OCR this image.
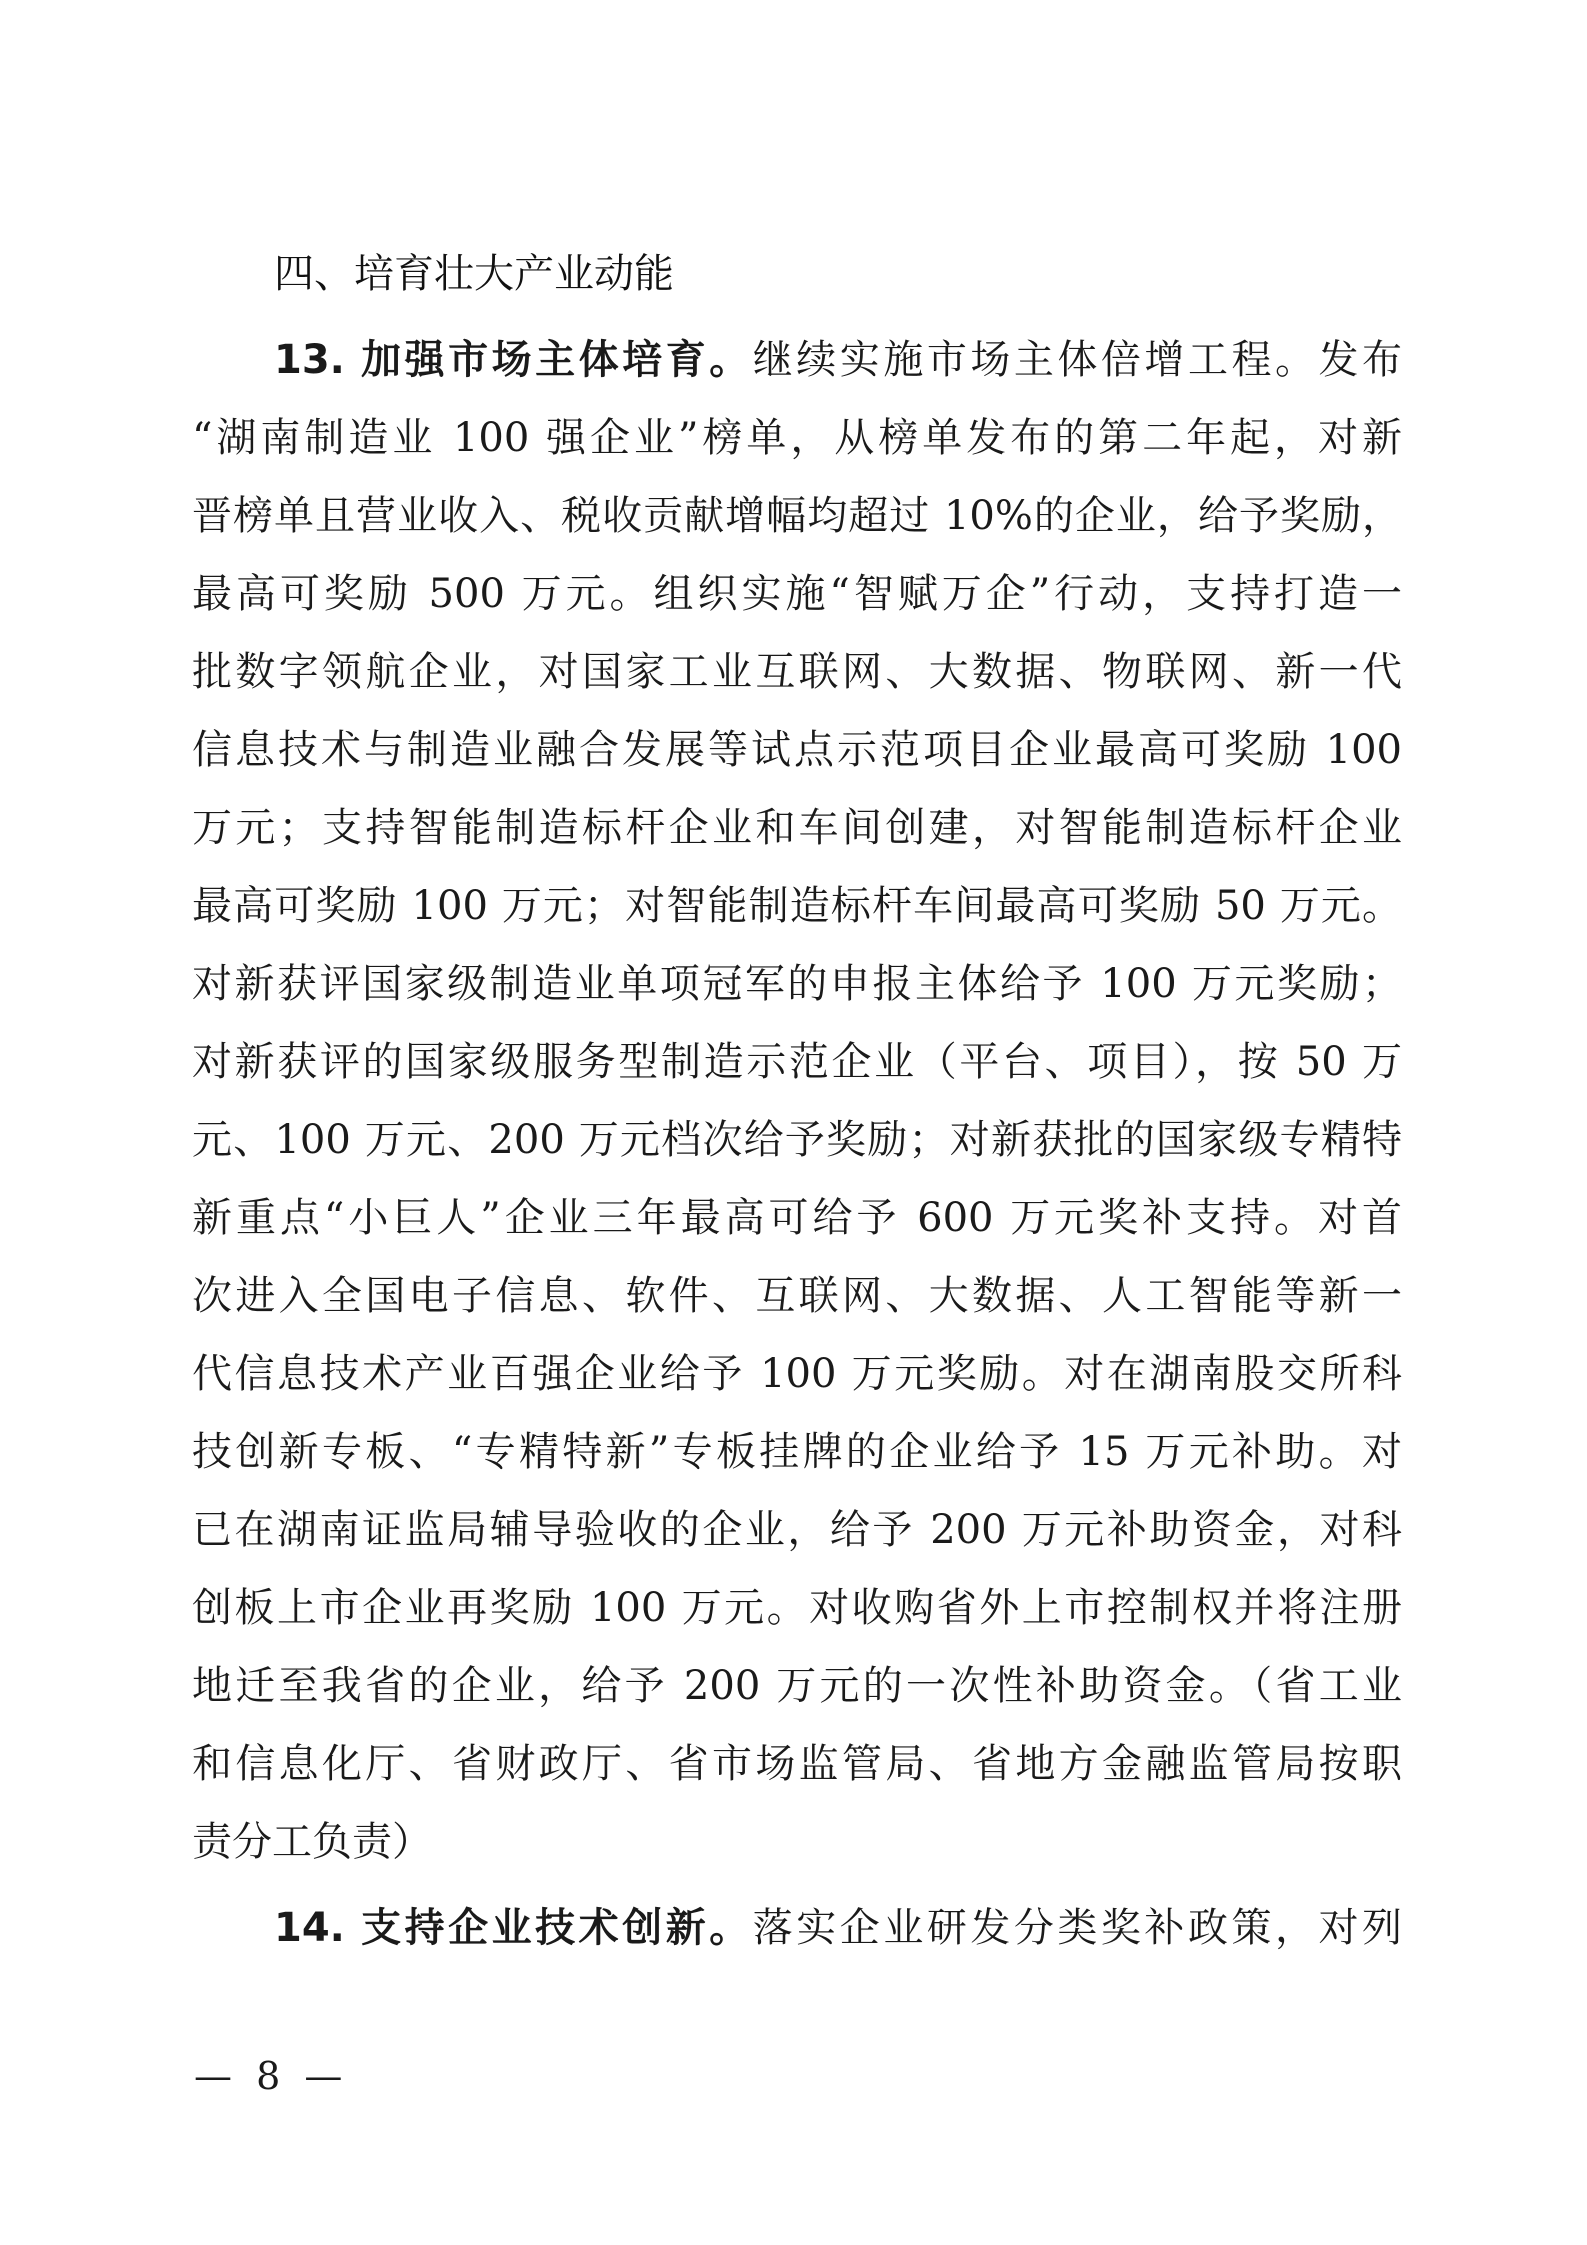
四、培育壮大产业动能
13. 加强市场主体培育。继续实施市场主体倍增工程。发布
“湖南制造业 100 强企业”榜单，从榜单发布的第二年起，对新
晋榜单且营业收入、税收贡献增幅均超过 10%的企业，给予奖励，
最高可奖励 500 万元。组织实施“智赋万企”行动，支持打造一
批数字领航企业，对国家工业互联网、大数据、物联网、新一代
信息技术与制造业融合发展等试点示范项目企业最高可奖励 100
万元；支持智能制造标杆企业和车间创建，对智能制造标杆企业
最高可奖励 100 万元；对智能制造标杆车间最高可奖励 50 万元。
对新获评国家级制造业单项冠军的申报主体给予 100 万元奖励；
对新获评的国家级服务型制造示范企业（平台、项目），按 50 万
元、100 万元、200 万元档次给予奖励；对新获批的国家级专精特
新重点“小巨人”企业三年最高可给予 600 万元奖补支持。对首
次进入全国电子信息、软件、互联网、大数据、人工智能等新一
代信息技术产业百强企业给予 100 万元奖励。对在湖南股交所科
技创新专板、“专精特新”专板挂牌的企业给予 15 万元补助。对
已在湖南证监局辅导验收的企业，给予 200 万元补助资金，对科
创板上市企业再奖励 100 万元。对收购省外上市控制权并将注册
地迁至我省的企业，给予 200 万元的一次性补助资金。（省工业
和信息化厅、省财政厅、省市场监管局、省地方金融监管局按职
责分工负责）
14. 支持企业技术创新。落实企业研发分类奖补政策，对列
— 8 —
